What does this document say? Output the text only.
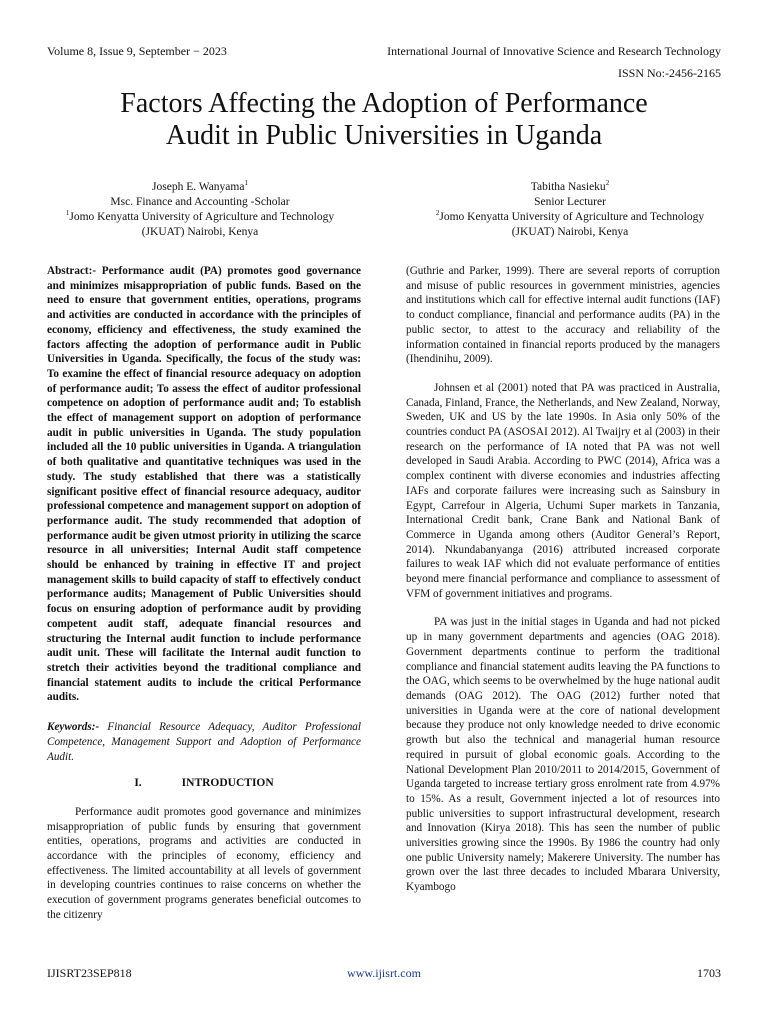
Volume 8, Issue 9, September − 2023	International Journal of Innovative Science and Research Technology
ISSN No:-2456-2165
Factors Affecting the Adoption of Performance
Audit in Public Universities in Uganda
Joseph E. Wanyama$^1$
Msc. Finance and Accounting -Scholar
$^1$Jomo Kenyatta University of Agriculture and Technology
(JKUAT) Nairobi, Kenya
Tabitha Nasieku$^2$
Senior Lecturer
$^2$Jomo Kenyatta University of Agriculture and Technology
(JKUAT) Nairobi, Kenya

Abstract:- Performance audit (PA) promotes good governance and minimizes misappropriation of public funds. Based on the need to ensure that government entities, operations, programs and activities are conducted in accordance with the principles of economy, efficiency and effectiveness, the study examined the factors affecting the adoption of performance audit in Public Universities in Uganda. Specifically, the focus of the study was: To examine the effect of financial resource adequacy on adoption of performance audit; To assess the effect of auditor professional competence on adoption of performance audit and; To establish the effect of management support on adoption of performance audit in public universities in Uganda. The study population included all the 10 public universities in Uganda. A triangulation of both qualitative and quantitative techniques was used in the study. The study established that there was a statistically significant positive effect of financial resource adequacy, auditor professional competence and management support on adoption of performance audit. The study recommended that adoption of performance audit be given utmost priority in utilizing the scarce resource in all universities; Internal Audit staff competence should be enhanced by training in effective IT and project management skills to build capacity of staff to effectively conduct performance audits; Management of Public Universities should focus on ensuring adoption of performance audit by providing competent audit staff, adequate financial resources and structuring the Internal audit function to include performance audit unit. These will facilitate the Internal audit function to stretch their activities beyond the traditional compliance and financial statement audits to include the critical Performance audits.

Keywords:- Financial Resource Adequacy, Auditor Professional Competence, Management Support and Adoption of Performance Audit.

I.	INTRODUCTION

Performance audit promotes good governance and minimizes misappropriation of public funds by ensuring that government entities, operations, programs and activities are conducted in accordance with the principles of economy, efficiency and effectiveness. The limited accountability at all levels of government in developing countries continues to raise concerns on whether the execution of government programs generates beneficial outcomes to the citizenry

(Guthrie and Parker, 1999). There are several reports of corruption and misuse of public resources in government ministries, agencies and institutions which call for effective internal audit functions (IAF) to conduct compliance, financial and performance audits (PA) in the public sector, to attest to the accuracy and reliability of the information contained in financial reports produced by the managers (Ihendinihu, 2009).

Johnsen et al (2001) noted that PA was practiced in Australia, Canada, Finland, France, the Netherlands, and New Zealand, Norway, Sweden, UK and US by the late 1990s. In Asia only 50% of the countries conduct PA (ASOSAI 2012). Al Twaijry et al (2003) in their research on the performance of IA noted that PA was not well developed in Saudi Arabia. According to PWC (2014), Africa was a complex continent with diverse economies and industries affecting IAFs and corporate failures were increasing such as Sainsbury in Egypt, Carrefour in Algeria, Uchumi Super markets in Tanzania, International Credit bank, Crane Bank and National Bank of Commerce in Uganda among others (Auditor General’s Report, 2014). Nkundabanyanga (2016) attributed increased corporate failures to weak IAF which did not evaluate performance of entities beyond mere financial performance and compliance to assessment of VFM of government initiatives and programs.

PA was just in the initial stages in Uganda and had not picked up in many government departments and agencies (OAG 2018). Government departments continue to perform the traditional compliance and financial statement audits leaving the PA functions to the OAG, which seems to be overwhelmed by the huge national audit demands (OAG 2012). The OAG (2012) further noted that universities in Uganda were at the core of national development because they produce not only knowledge needed to drive economic growth but also the technical and managerial human resource required in pursuit of global economic goals. According to the National Development Plan 2010/2011 to 2014/2015, Government of Uganda targeted to increase tertiary gross enrolment rate from 4.97% to 15%. As a result, Government injected a lot of resources into public universities to support infrastructural development, research and Innovation (Kirya 2018). This has seen the number of public universities growing since the 1990s. By 1986 the country had only one public University namely; Makerere University. The number has grown over the last three decades to included Mbarara University, Kyambogo

IJISRT23SEP818	www.ijisrt.com	1703
